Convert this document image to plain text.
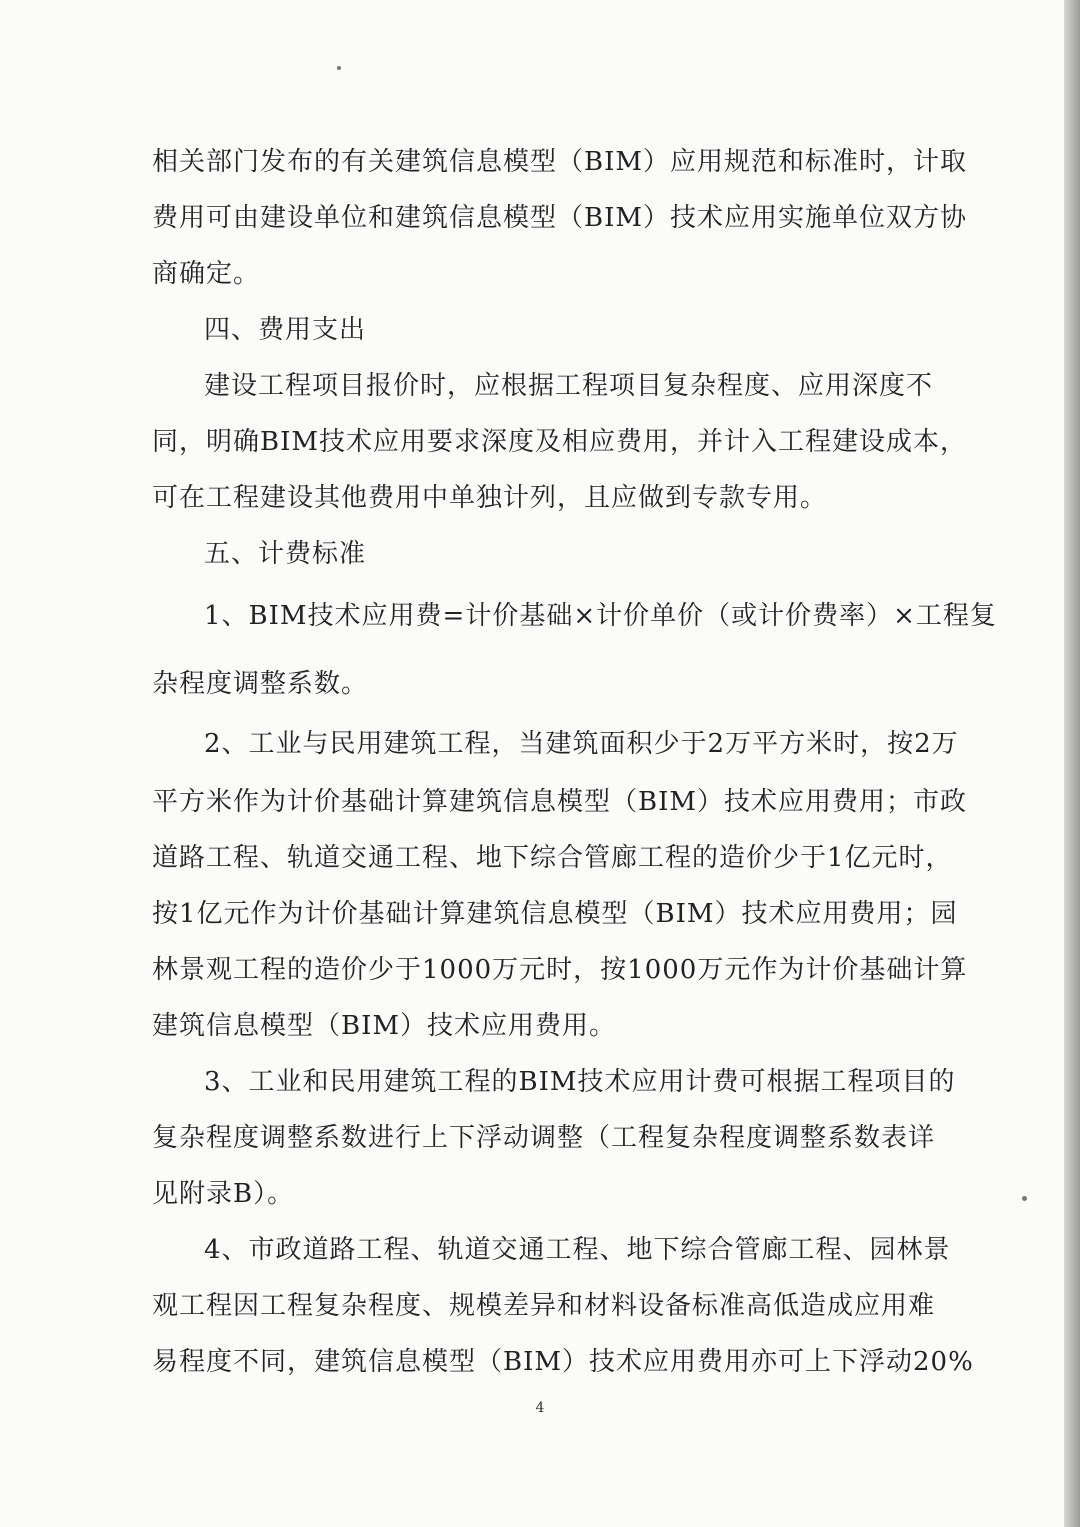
相关部门发布的有关建筑信息模型（BIM）应用规范和标准时，计取
费用可由建设单位和建筑信息模型（BIM）技术应用实施单位双方协
商确定。
四、费用支出
建设工程项目报价时，应根据工程项目复杂程度、应用深度不
同，明确BIM技术应用要求深度及相应费用，并计入工程建设成本，
可在工程建设其他费用中单独计列，且应做到专款专用。
五、计费标准
1、BIM技术应用费=计价基础×计价单价（或计价费率）×工程复
杂程度调整系数。
2、工业与民用建筑工程，当建筑面积少于2万平方米时，按2万
平方米作为计价基础计算建筑信息模型（BIM）技术应用费用；市政
道路工程、轨道交通工程、地下综合管廊工程的造价少于1亿元时，
按1亿元作为计价基础计算建筑信息模型（BIM）技术应用费用；园
林景观工程的造价少于1000万元时，按1000万元作为计价基础计算
建筑信息模型（BIM）技术应用费用。
3、工业和民用建筑工程的BIM技术应用计费可根据工程项目的
复杂程度调整系数进行上下浮动调整（工程复杂程度调整系数表详
见附录B）。
4、市政道路工程、轨道交通工程、地下综合管廊工程、园林景
观工程因工程复杂程度、规模差异和材料设备标准高低造成应用难
易程度不同，建筑信息模型（BIM）技术应用费用亦可上下浮动20%
4
